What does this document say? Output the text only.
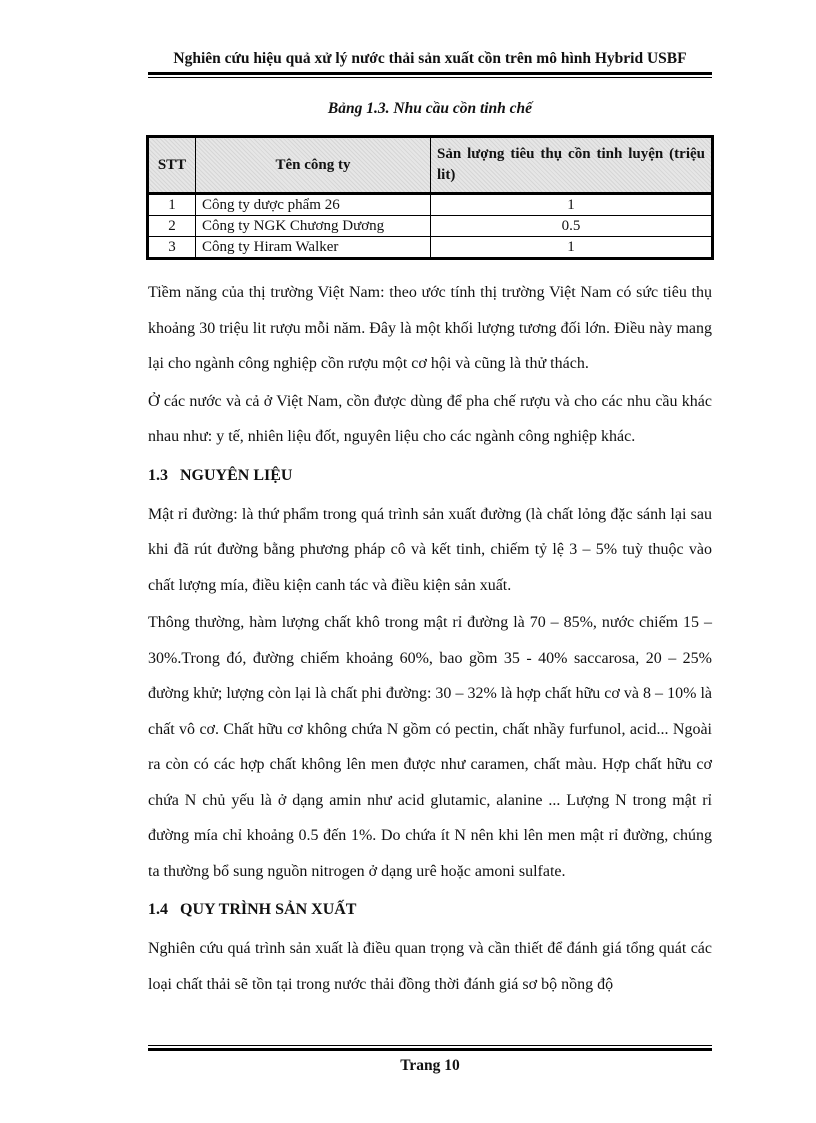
Nghiên cứu hiệu quả xử lý nước thải sản xuất cồn trên mô hình Hybrid USBF
Bảng 1.3. Nhu cầu cồn tinh chế
STT	Tên công ty	Sản lượng tiêu thụ cồn tinh luyện (triệu lit)
1	Công ty dược phẩm 26	1
2	Công ty NGK Chương Dương	0.5
3	Công ty Hiram Walker	1

Tiềm năng của thị trường Việt Nam: theo ước tính thị trường Việt Nam có sức tiêu thụ khoảng 30 triệu lit rượu mỗi năm. Đây là một khối lượng tương đối lớn. Điều này mang lại cho ngành công nghiệp cồn rượu một cơ hội và cũng là thử thách.

Ở các nước và cả ở Việt Nam, cồn được dùng để pha chế rượu và cho các nhu cầu khác nhau như: y tế, nhiên liệu đốt, nguyên liệu cho các ngành công nghiệp khác.

1.3 NGUYÊN LIỆU

Mật rỉ đường: là thứ phẩm trong quá trình sản xuất đường (là chất lỏng đặc sánh lại sau khi đã rút đường bằng phương pháp cô và kết tinh, chiếm tỷ lệ 3 – 5% tuỳ thuộc vào chất lượng mía, điều kiện canh tác và điều kiện sản xuất.

Thông thường, hàm lượng chất khô trong mật rỉ đường là 70 – 85%, nước chiếm 15 – 30%.Trong đó, đường chiếm khoảng 60%, bao gồm 35 - 40% saccarosa, 20 – 25% đường khử; lượng còn lại là chất phi đường: 30 – 32% là hợp chất hữu cơ và 8 – 10% là chất vô cơ. Chất hữu cơ không chứa N gồm có pectin, chất nhầy furfunol, acid... Ngoài ra còn có các hợp chất không lên men được như caramen, chất màu. Hợp chất hữu cơ chứa N chủ yếu là ở dạng amin như acid glutamic, alanine ... Lượng N trong mật rỉ đường mía chỉ khoảng 0.5 đến 1%. Do chứa ít N nên khi lên men mật rỉ đường, chúng ta thường bổ sung nguồn nitrogen ở dạng urê hoặc amoni sulfate.

1.4 QUY TRÌNH SẢN XUẤT

Nghiên cứu quá trình sản xuất là điều quan trọng và cần thiết để đánh giá tổng quát các loại chất thải sẽ tồn tại trong nước thải đồng thời đánh giá sơ bộ nồng độ

Trang 10
